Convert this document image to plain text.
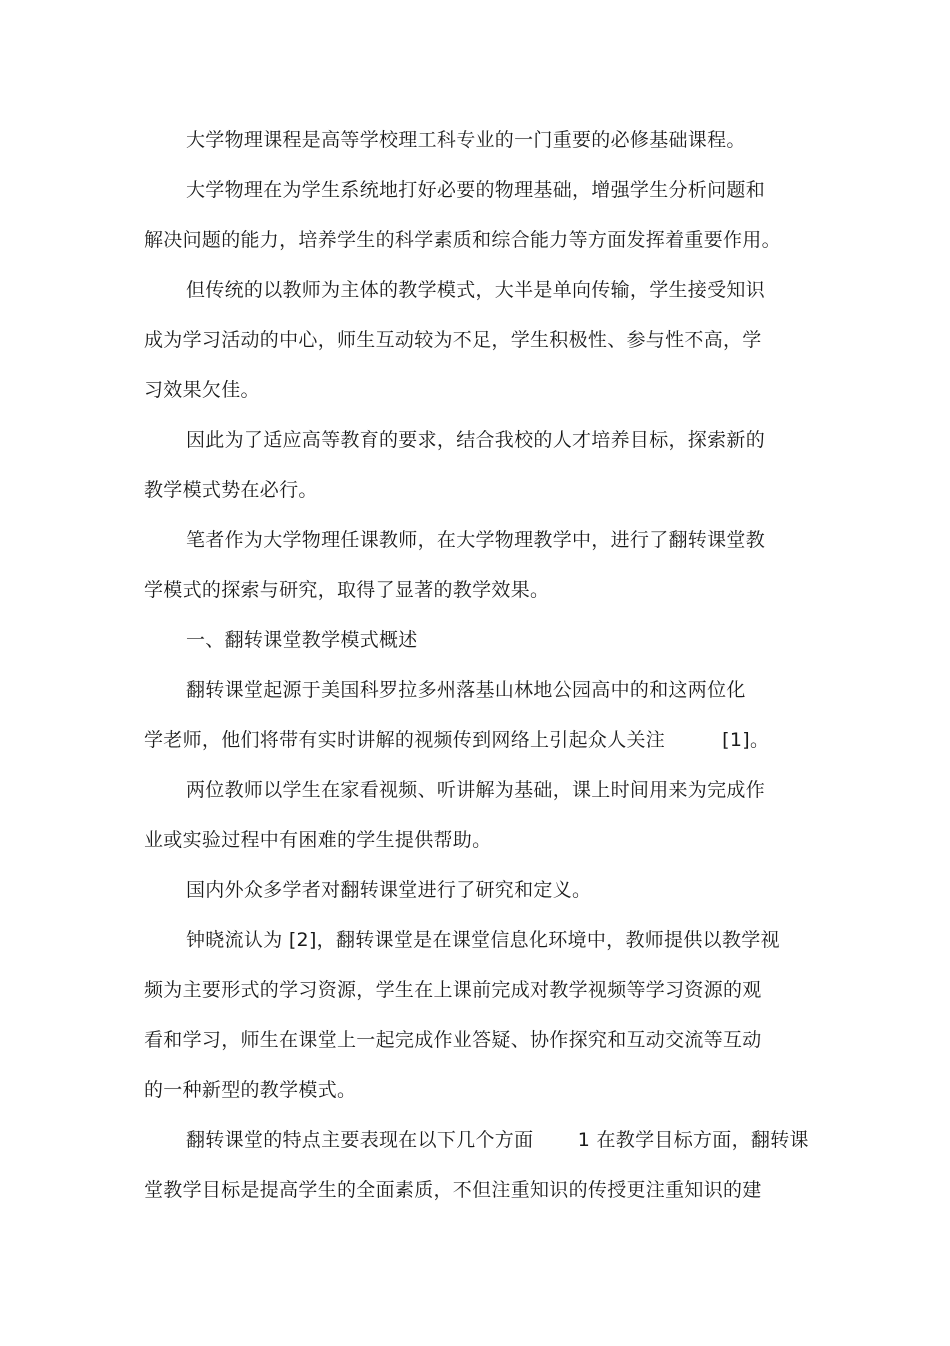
大学物理课程是高等学校理工科专业的一门重要的必修基础课程。
大学物理在为学生系统地打好必要的物理基础，增强学生分析问题和
解决问题的能力，培养学生的科学素质和综合能力等方面发挥着重要作用。
但传统的以教师为主体的教学模式，大半是单向传输，学生接受知识
成为学习活动的中心，师生互动较为不足，学生积极性、参与性不高，学
习效果欠佳。
因此为了适应高等教育的要求，结合我校的人才培养目标，探索新的
教学模式势在必行。
笔者作为大学物理任课教师，在大学物理教学中，进行了翻转课堂教
学模式的探索与研究，取得了显著的教学效果。
一、翻转课堂教学模式概述
翻转课堂起源于美国科罗拉多州落基山林地公园高中的和这两位化
学老师，他们将带有实时讲解的视频传到网络上引起众人关注         [1]。
两位教师以学生在家看视频、听讲解为基础，课上时间用来为完成作
业或实验过程中有困难的学生提供帮助。
国内外众多学者对翻转课堂进行了研究和定义。
钟晓流认为 [2]，翻转课堂是在课堂信息化环境中，教师提供以教学视
频为主要形式的学习资源，学生在上课前完成对教学视频等学习资源的观
看和学习，师生在课堂上一起完成作业答疑、协作探究和互动交流等互动
的一种新型的教学模式。
翻转课堂的特点主要表现在以下几个方面       1 在教学目标方面，翻转课
堂教学目标是提高学生的全面素质，不但注重知识的传授更注重知识的建
